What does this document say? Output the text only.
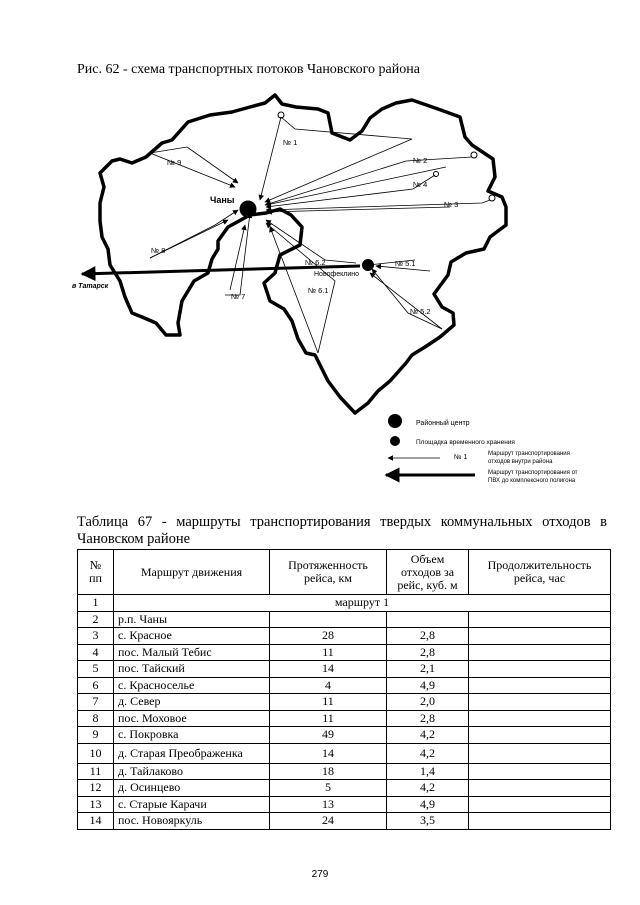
Рис. 62 - схема транспортных потоков Чановского района
Чаны
Новофеклино
в Татарск
№ 1
№ 2
№ 4
№ 3
№ 9
№ 8
№ 7
№ 6.2
№ 6.1
№ 5.1
№ 5.2
Районный центр
Площадка временного хранения
№ 1	Маршрут транспортирования
отходов внутри района
Маршрут транспортирования от
ПВХ до комплексного полигона
Таблица 67 - маршруты транспортирования твердых коммунальных отходов в Чановском районе
№ пп	Маршрут движения	Протяженность рейса, км	Объем отходов за рейс, куб. м	Продолжительность рейса, час
1	маршрут 1			
2	р.п. Чаны			
3	с. Красное	28	2,8	
4	пос. Малый Тебис	11	2,8	
5	пос. Тайский	14	2,1	
6	с. Красноселье	4	4,9	
7	д. Север	11	2,0	
8	пос. Моховое	11	2,8	
9	с. Покровка	49	4,2	
10	д. Старая Преображенка	14	4,2	
11	д. Тайлаково	18	1,4	
12	д. Осинцево	5	4,2	
13	с. Старые Карачи	13	4,9	
14	пос. Новояркуль	24	3,5	
279
